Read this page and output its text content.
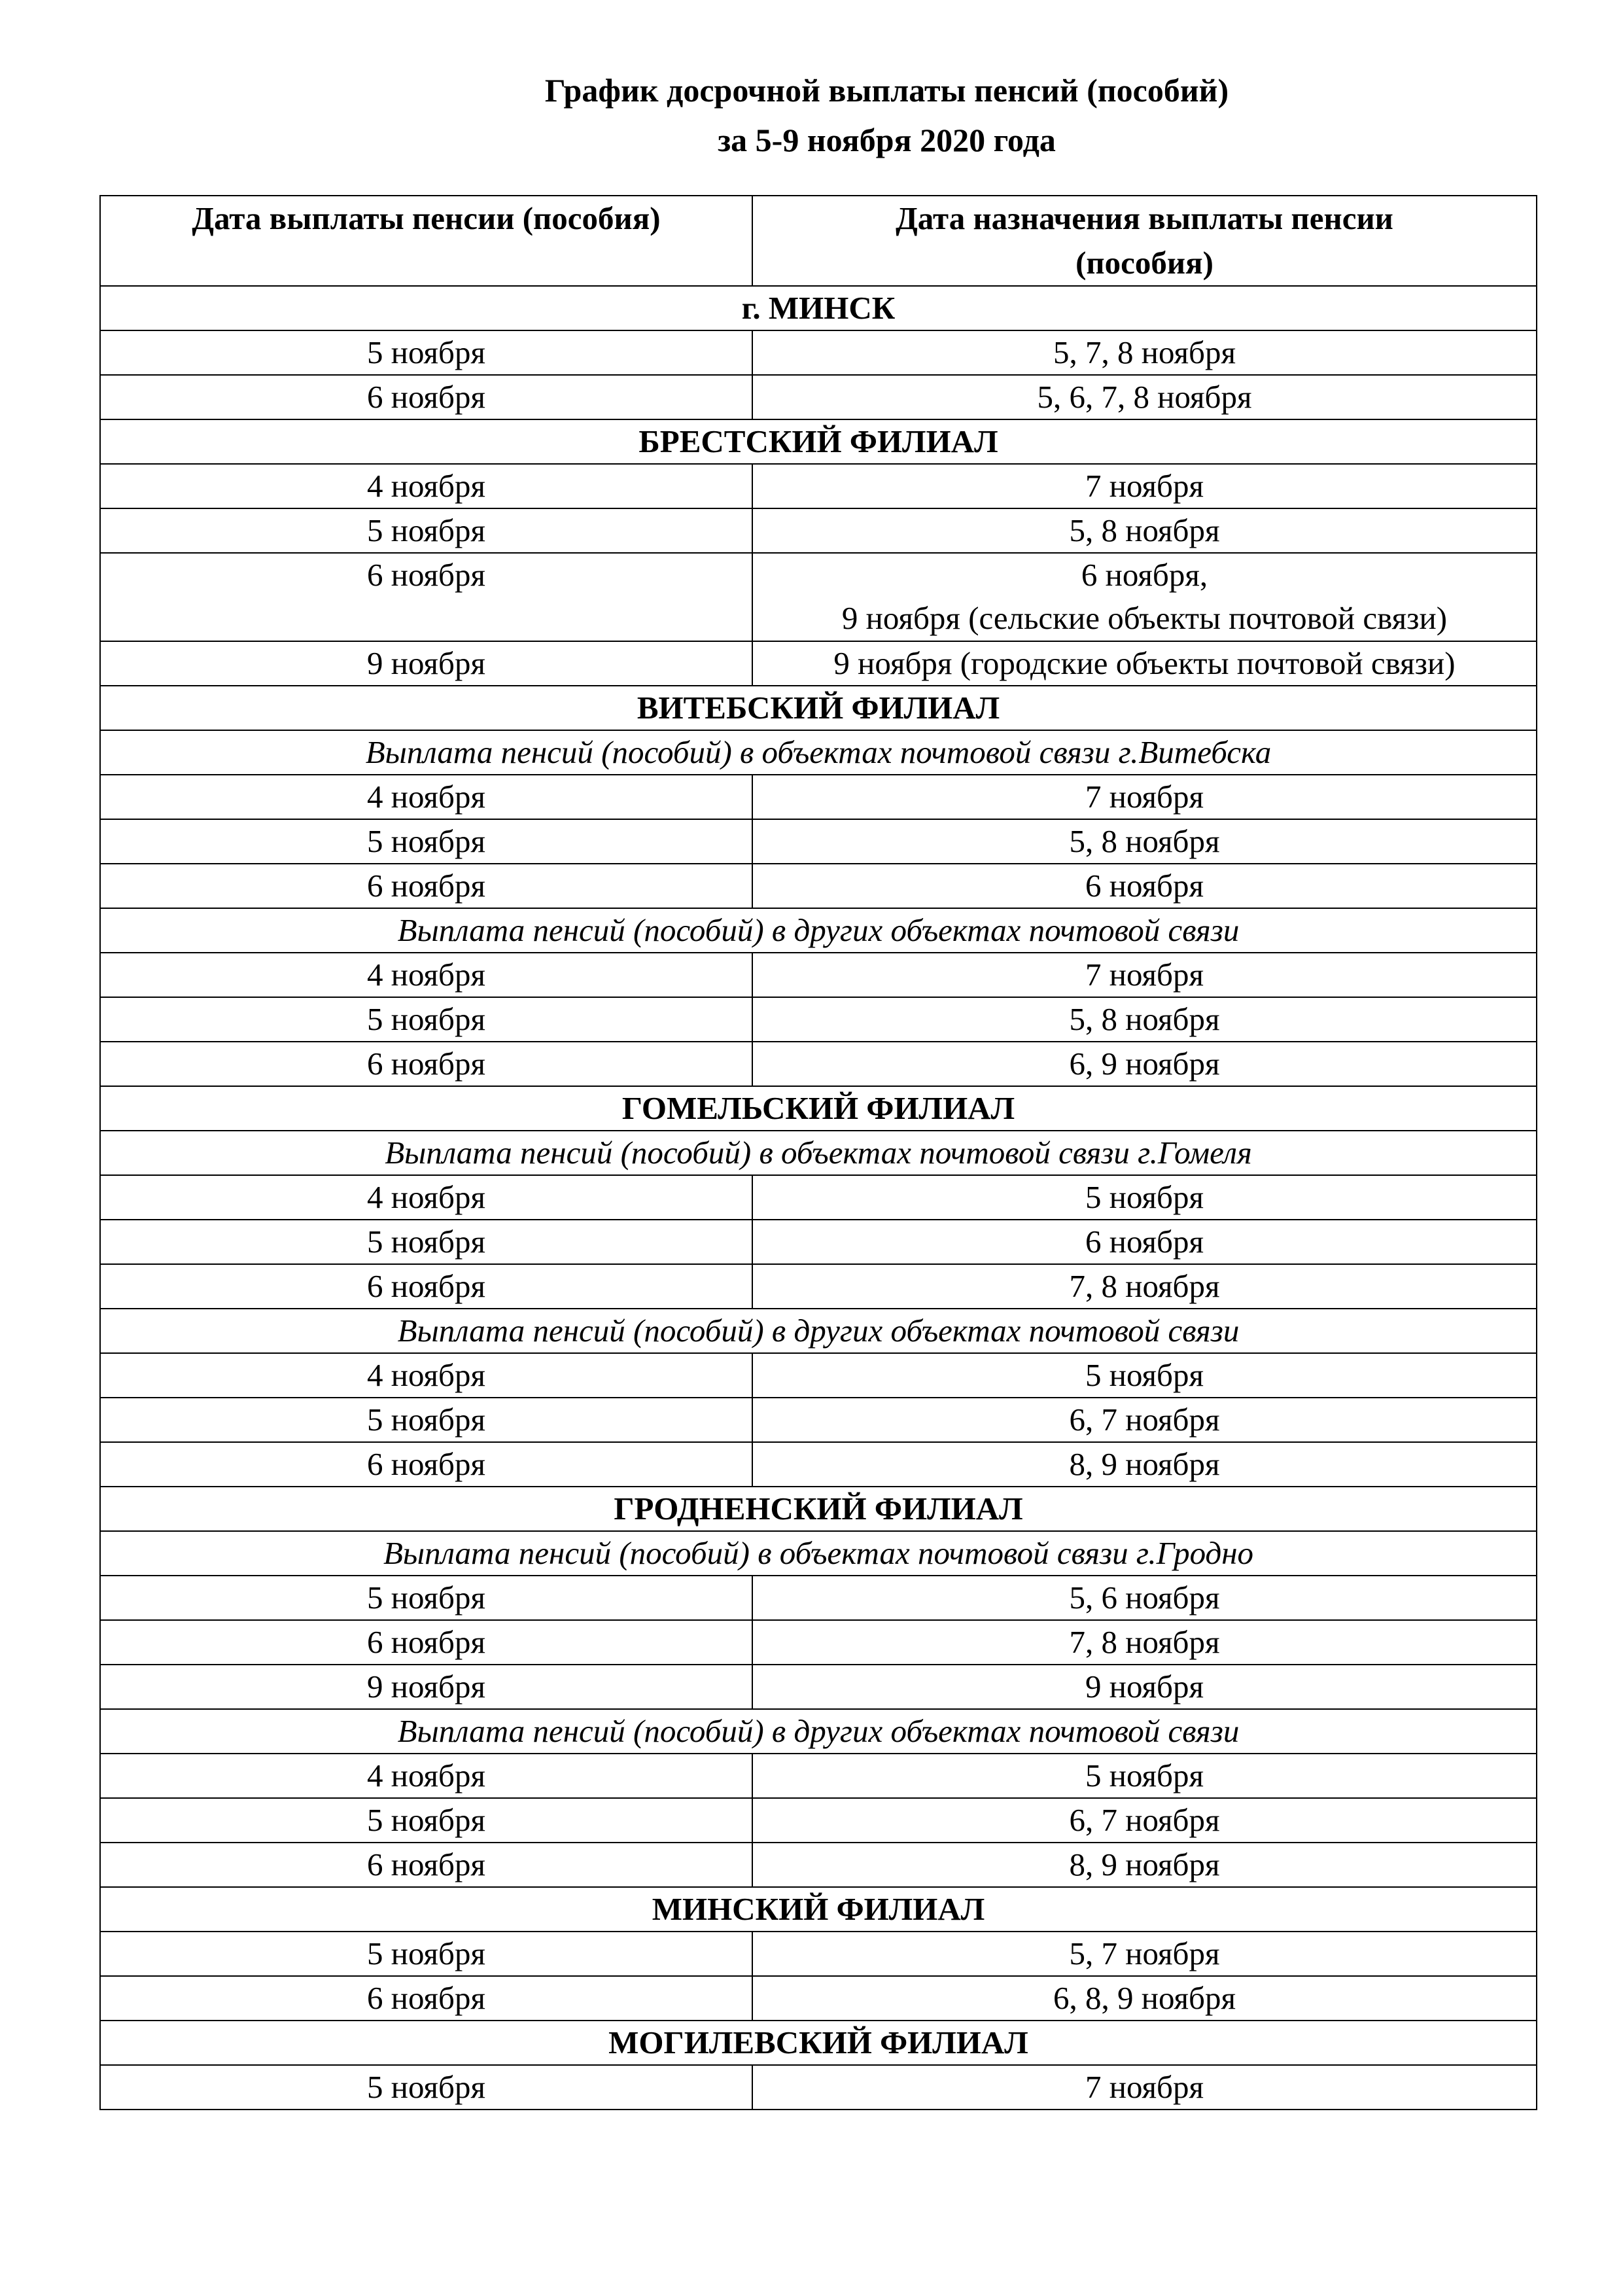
График досрочной выплаты пенсий (пособий)
за 5-9 ноября 2020 года
Дата выплаты пенсии (пособия)	Дата назначения выплаты пенсии
(пособия)

г. МИНСК	
5 ноября	5, 7, 8 ноября
6 ноября	5, 6, 7, 8 ноября
БРЕСТСКИЙ ФИЛИАЛ	
4 ноября	7 ноября
5 ноября	5, 8 ноября
6 ноября	6 ноября,
9 ноября (сельские объекты почтовой связи)

9 ноября	9 ноября (городские объекты почтовой связи)
ВИТЕБСКИЙ ФИЛИАЛ	
Выплата пенсий (пособий) в объектах почтовой связи г.Витебска	
4 ноября	7 ноября
5 ноября	5, 8 ноября
6 ноября	6 ноября
Выплата пенсий (пособий) в других объектах почтовой связи	
4 ноября	7 ноября
5 ноября	5, 8 ноября
6 ноября	6, 9 ноября
ГОМЕЛЬСКИЙ ФИЛИАЛ	
Выплата пенсий (пособий) в объектах почтовой связи г.Гомеля	
4 ноября	5 ноября
5 ноября	6 ноября
6 ноября	7, 8 ноября
Выплата пенсий (пособий) в других объектах почтовой связи	
4 ноября	5 ноября
5 ноября	6, 7 ноября
6 ноября	8, 9 ноября
ГРОДНЕНСКИЙ ФИЛИАЛ	
Выплата пенсий (пособий) в объектах почтовой связи г.Гродно	
5 ноября	5, 6 ноября
6 ноября	7, 8 ноября
9 ноября	9 ноября
Выплата пенсий (пособий) в других объектах почтовой связи	
4 ноября	5 ноября
5 ноября	6, 7 ноября
6 ноября	8, 9 ноября
МИНСКИЙ ФИЛИАЛ	
5 ноября	5, 7 ноября
6 ноября	6, 8, 9 ноября
МОГИЛЕВСКИЙ ФИЛИАЛ	
5 ноября	7 ноября
